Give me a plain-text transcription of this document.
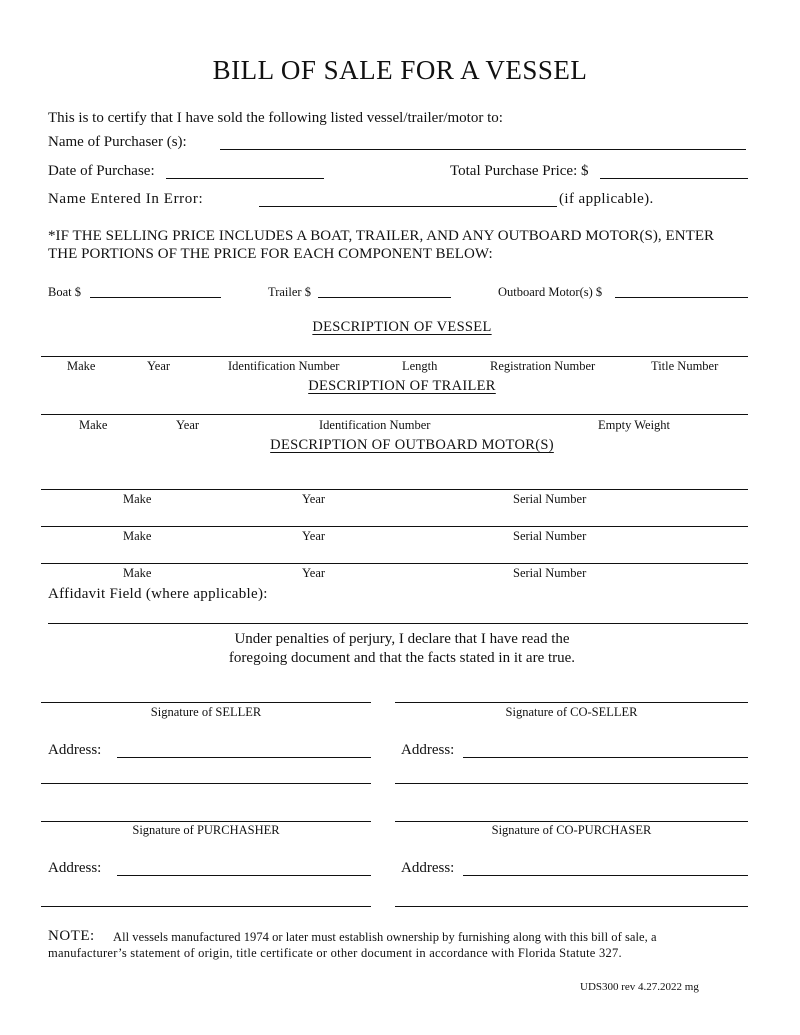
BILL OF SALE FOR A VESSEL
This is to certify that I have sold the following listed vessel/trailer/motor to:
Name of Purchaser (s):
Date of Purchase:	Total Purchase Price: $
Name Entered In Error:	(if applicable).
*IF THE SELLING PRICE INCLUDES A BOAT, TRAILER, AND ANY OUTBOARD MOTOR(S), ENTER
THE PORTIONS OF THE PRICE FOR EACH COMPONENT BELOW:
Boat $	Trailer $	Outboard Motor(s) $
DESCRIPTION OF VESSEL
Make	Year	Identification Number	Length	Registration Number	Title Number
DESCRIPTION OF TRAILER
Make	Year	Identification Number	Empty Weight
DESCRIPTION OF OUTBOARD MOTOR(S)
Make	Year	Serial Number
Make	Year	Serial Number
Make	Year	Serial Number
Affidavit Field (where applicable):
Under penalties of perjury, I declare that I have read the
foregoing document and that the facts stated in it are true.
Signature of SELLER	Signature of CO-SELLER
Address:	Address:
Signature of PURCHASHER	Signature of CO-PURCHASER
Address:	Address:
NOTE: All vessels manufactured 1974 or later must establish ownership by furnishing along with this bill of sale, a
manufacturer’s statement of origin, title certificate or other document in accordance with Florida Statute 327.
UDS300 rev 4.27.2022 mg
